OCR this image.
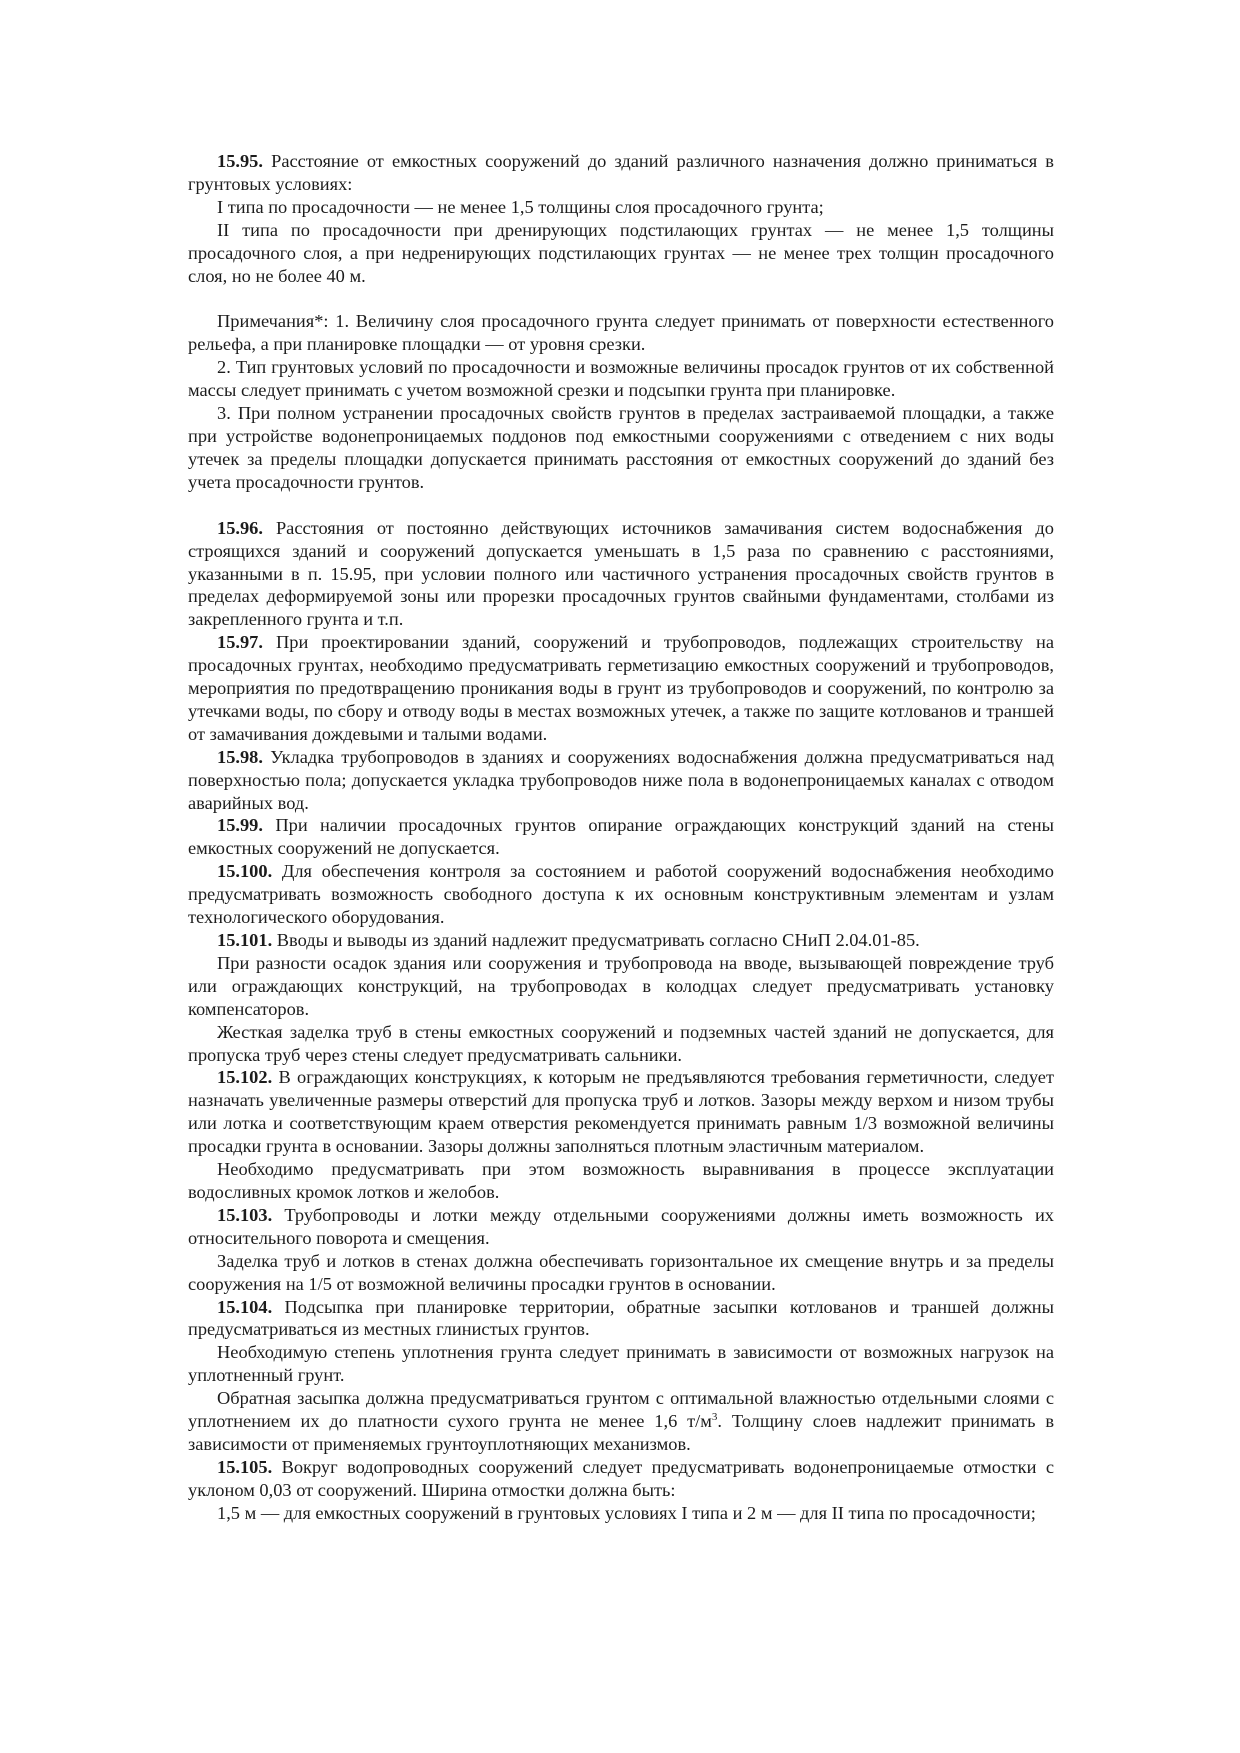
15.95. Расстояние от емкостных сооружений до зданий различного назначения должно приниматься в грунтовых условиях:

I типа по просадочности — не менее 1,5 толщины слоя просадочного грунта;

II типа по просадочности при дренирующих подстилающих грунтах — не менее 1,5 толщины просадочного слоя, а при недренирующих подстилающих грунтах — не менее трех толщин просадочного слоя, но не более 40 м.

Примечания*: 1. Величину слоя просадочного грунта следует принимать от поверхности естественного рельефа, а при планировке площадки — от уровня срезки.

2. Тип грунтовых условий по просадочности и возможные величины просадок грунтов от их собственной массы следует принимать с учетом возможной срезки и подсыпки грунта при планировке.

3. При полном устранении просадочных свойств грунтов в пределах застраиваемой площадки, а также при устройстве водонепроницаемых поддонов под емкостными сооружениями с отведением с них воды утечек за пределы площадки допускается принимать расстояния от емкостных сооружений до зданий без учета просадочности грунтов.

15.96. Расстояния от постоянно действующих источников замачивания систем водоснабжения до строящихся зданий и сооружений допускается уменьшать в 1,5 раза по сравнению с расстояниями, указанными в п. 15.95, при условии полного или частичного устранения просадочных свойств грунтов в пределах деформируемой зоны или прорезки просадочных грунтов свайными фундаментами, столбами из закрепленного грунта и т.п.

15.97. При проектировании зданий, сооружений и трубопроводов, подлежащих строительству на просадочных грунтах, необходимо предусматривать герметизацию емкостных сооружений и трубопроводов, мероприятия по предотвращению проникания воды в грунт из трубопроводов и сооружений, по контролю за утечками воды, по сбору и отводу воды в местах возможных утечек, а также по защите котлованов и траншей от замачивания дождевыми и талыми водами.

15.98. Укладка трубопроводов в зданиях и сооружениях водоснабжения должна предусматриваться над поверхностью пола; допускается укладка трубопроводов ниже пола в водонепроницаемых каналах с отводом аварийных вод.

15.99. При наличии просадочных грунтов опирание ограждающих конструкций зданий на стены емкостных сооружений не допускается.

15.100. Для обеспечения контроля за состоянием и работой сооружений водоснабжения необходимо предусматривать возможность свободного доступа к их основным конструктивным элементам и узлам технологического оборудования.

15.101. Вводы и выводы из зданий надлежит предусматривать согласно СНиП 2.04.01-85.

При разности осадок здания или сооружения и трубопровода на вводе, вызывающей повреждение труб или ограждающих конструкций, на трубопроводах в колодцах следует предусматривать установку компенсаторов.

Жесткая заделка труб в стены емкостных сооружений и подземных частей зданий не допускается, для пропуска труб через стены следует предусматривать сальники.

15.102. В ограждающих конструкциях, к которым не предъявляются требования герметичности, следует назначать увеличенные размеры отверстий для пропуска труб и лотков. Зазоры между верхом и низом трубы или лотка и соответствующим краем отверстия рекомендуется принимать равным 1/3 возможной величины просадки грунта в основании. Зазоры должны заполняться плотным эластичным материалом.

Необходимо предусматривать при этом возможность выравнивания в процессе эксплуатации водосливных кромок лотков и желобов.

15.103. Трубопроводы и лотки между отдельными сооружениями должны иметь возможность их относительного поворота и смещения.

Заделка труб и лотков в стенах должна обеспечивать горизонтальное их смещение внутрь и за пределы сооружения на 1/5 от возможной величины просадки грунтов в основании.

15.104. Подсыпка при планировке территории, обратные засыпки котлованов и траншей должны предусматриваться из местных глинистых грунтов.

Необходимую степень уплотнения грунта следует принимать в зависимости от возможных нагрузок на уплотненный грунт.

Обратная засыпка должна предусматриваться грунтом с оптимальной влажностью отдельными слоями с уплотнением их до платности сухого грунта не менее 1,6 $т/м^3$. Толщину слоев надлежит принимать в зависимости от применяемых грунтоуплотняющих механизмов.

15.105. Вокруг водопроводных сооружений следует предусматривать водонепроницаемые отмостки с уклоном 0,03 от сооружений. Ширина отмостки должна быть:

1,5 м — для емкостных сооружений в грунтовых условиях I типа и 2 м — для II типа по просадочности;
